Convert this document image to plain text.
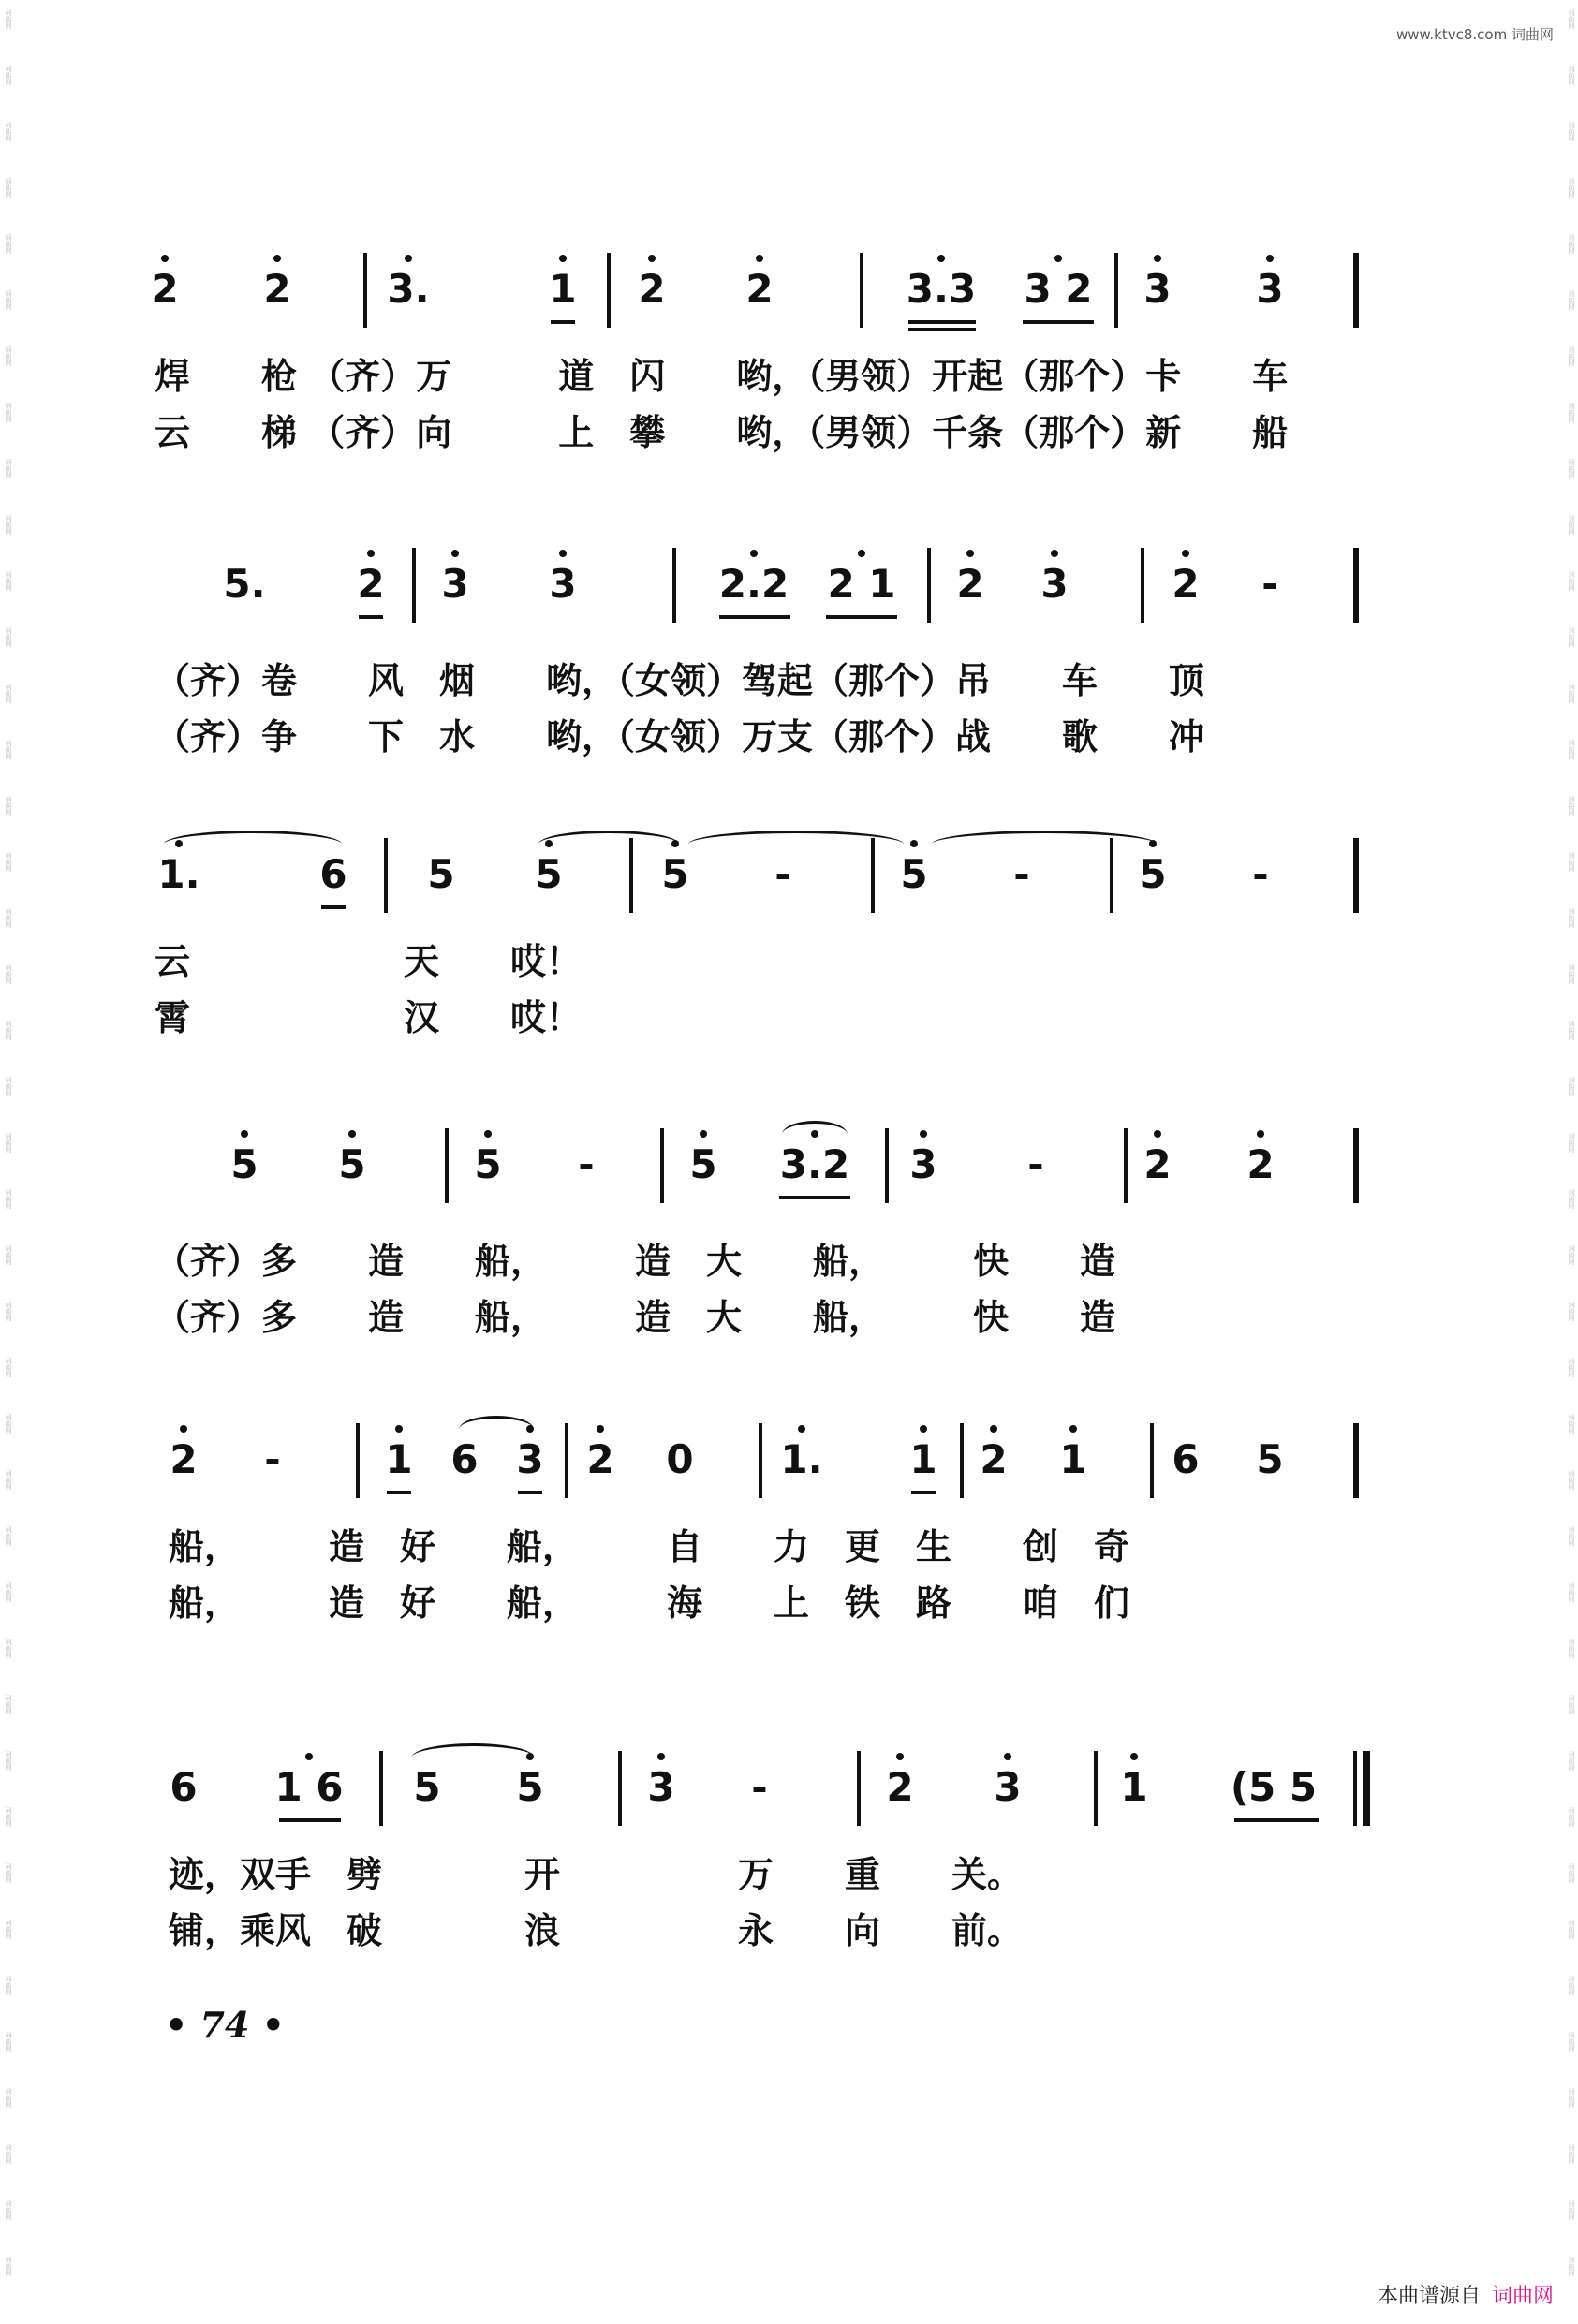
词曲网
词曲网
词曲网
词曲网
词曲网
词曲网
词曲网
词曲网
词曲网
词曲网
词曲网
词曲网
词曲网
词曲网
词曲网
词曲网
词曲网
词曲网
词曲网
词曲网
词曲网
词曲网
词曲网
词曲网
词曲网
词曲网
词曲网
词曲网
词曲网
词曲网
词曲网
词曲网
词曲网
词曲网
词曲网
词曲网
词曲网
词曲网
词曲网
词曲网
词曲网
词曲网
词曲网
词曲网
词曲网
词曲网
词曲网
词曲网
词曲网
词曲网
词曲网
词曲网
词曲网
词曲网
词曲网
词曲网
词曲网
词曲网
词曲网
词曲网
词曲网
词曲网
词曲网
词曲网
词曲网
词曲网
词曲网
词曲网
词曲网
词曲网
词曲网
词曲网
词曲网
词曲网
词曲网
词曲网
词曲网
词曲网
词曲网
词曲网
词曲网
词曲网
www.ktvc8.com 词曲网
2 2 3.	1 2 2	3.3 3 2 3 3
焊　　枪 （齐）万　　　道　闪　　哟，（男领）开起（那个）卡　　车
云　　梯 （齐）向　　　上　攀　　哟，（男领）千条（那个）新　　船
5. 2 3 3	2.2 2 1 2 3	2	-
（齐）卷　　风　烟　　哟，（女领）驾起（那个）吊　　车　　顶
（齐）争　　下　水　　哟，（女领）万支（那个）战　　歌　　冲
1.	6 5 5	5	-	5	-	5	-
云　　　　　　天　　哎！
霄　　　　　　汉　　哎！
5 5	5	-	5 3.2 3	-	2 2
（齐）多　　造　　船，　　　造　大　　船，　　　快　　造
（齐）多　　造　　船，　　　造　大　　船，　　　快　　造
2	-	1 6 3 2 0 1. 1 2 1 6 5
船，　　　造　好　　船，　　　自　　力　更　生　　创　奇
船，　　　造　好　　船，　　　海　　上　铁　路　　咱　们
6 1 6 5 5	3	-	2 3	1	(5 5
迹，双手　劈　　　　开　　　　　万　　重　　关。
铺，乘风　破　　　　浪　　　　　永　　向　　前。
• 74 •
本曲谱源自 词曲网
